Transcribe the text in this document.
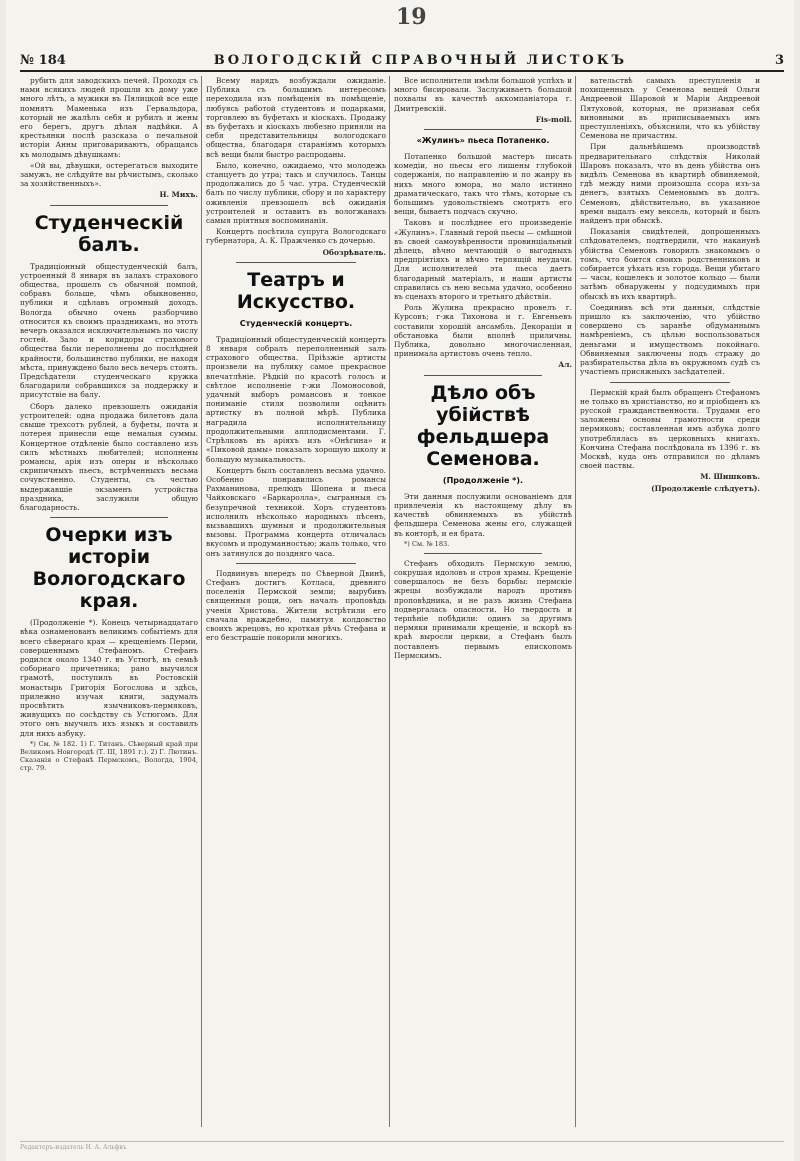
19
№ 184	ВОЛОГОДСКIЙ СПРАВОЧНЫЙ ЛИСТОКЪ	3

рубить для заводскихъ печей. Проходя съ нами всякихъ людей прошли къ дому уже много лѣтъ, а мужики въ Пялицкой все еще помнятъ Маменька изъ Гервальдора, который не жалѣлъ себя и рубилъ и жены его берегъ, другъ дѣлая надѣйки. А крестьянки послѣ разсказа о печальной исторіи Анны приговариваютъ, обращаясь къ молодымъ дѣвушкамъ:

«Ой вы, дѣвушки, остерегаться выходите замужъ, не слѣдуйте вы рѣчистымъ, сколько за хозяйственныхъ».

Н. Михъ.

Студенческiй балъ.

Традиціонный общестуденческій балъ, устроенный 8 января въ залахъ страхового общества, прошелъ съ обычной помпой, собравъ больше, чѣмъ обыкновенно, публики и сдѣлавъ огромный доходъ. Вологда обычно очень разборчиво относится къ своимъ праздникамъ, но этотъ вечеръ оказался исключительнымъ по числу гостей. Зало и коридоры страхового общества были переполнены до послѣдней крайности, большинство публики, не находя мѣста, принуждено было весь вечеръ стоять. Предсѣдатели студенческаго кружка благодарили собравшихся за поддержку и присутствіе на балу.

Сборъ далеко превзошелъ ожиданія устроителей: одна продажа билетовъ дала свыше трехсотъ рублей, а буфеты, почта и лотерея принесли еще немалыя суммы. Концертное отдѣленіе было составлено изъ силъ мѣстныхъ любителей; исполнены романсы, арія изъ оперы и нѣсколько скрипичныхъ пьесъ, встрѣченныхъ весьма сочувственно. Студенты, съ честью выдержавшіе экзаменъ устройства праздника, заслужили общую благодарность.

Очерки изъ исторiи Вологодскаго края.

(Продолженіе *). Конецъ четырнадцатаго вѣка ознаменованъ великимъ событіемъ для всего сѣвернаго края — крещеніемъ Перми, совершеннымъ Стефаномъ. Стефанъ родился около 1340 г. въ Устюгѣ, въ семьѣ соборнаго причетника; рано выучился грамотѣ, поступилъ въ Ростовскій монастырь Григорія Богослова и здѣсь, прилежно изучая книги, задумалъ просвѣтить язычниковъ-пермяковъ, живущихъ по сосѣдству съ Устюгомъ. Для этого онъ выучилъ ихъ языкъ и составилъ для нихъ азбуку.

*) См. № 182. 1) Г. Титанъ. Сѣверный край при Великомъ Новгородѣ (Т. III, 1891 г.). 2) Г. Лютинъ. Сказанія о Стефанѣ Пермскомъ, Вологда, 1904, стр. 79.

Всему нарядъ возбуждали ожиданіе. Публика съ большимъ интересомъ переходила изъ помѣщенія въ помѣщеніе, любуясь работой студентовъ и подарками, торговлею въ буфетахъ и кіоскахъ. Продажу въ буфетахъ и кіоскахъ любезно приняли на себя представительницы вологодскаго общества, благодаря стараніямъ которыхъ всѣ вещи были быстро распроданы.

Было, конечно, ожидаемо, что молодежь станцуетъ до утра; такъ и случилось. Танцы продолжались до 5 час. утра. Студенческій балъ по числу публики, сбору и по характеру оживленія превзошелъ всѣ ожиданія устроителей и оставитъ въ вологжанахъ самыя пріятныя воспоминанія.

Концертъ посѣтила супруга Вологодскаго губернатора, А. К. Пражченко съ дочерью.

Обозрѣватель.

Театръ и Искусство.
Студенческiй концертъ.

Традиціонный общестуденческій концертъ 8 января собралъ переполненный залъ страхового общества. Пріѣзжіе артисты произвели на публику самое прекрасное впечатлѣніе. Рѣдкій по красотѣ голосъ и свѣтлое исполненіе г-жи Ломоносовой, удачный выборъ романсовъ и тонкое пониманіе стиля позволили оцѣнить артистку въ полной мѣрѣ. Публика наградила исполнительницу продолжительными апплодисментами. Г. Стрѣлковъ въ аріяхъ изъ «Онѣгина» и «Пиковой дамы» показалъ хорошую школу и большую музыкальность.

Концертъ былъ составленъ весьма удачно. Особенно понравились романсы Рахманинова, прелюдъ Шопена и пьеса Чайковскаго «Баркаролла», сыгранныя съ безупречной техникой. Хоръ студентовъ исполнилъ нѣсколько народныхъ пѣсенъ, вызвавшихъ шумныя и продолжительныя вызовы. Программа концерта отличалась вкусомъ и продуманностью; жаль только, что онъ затянулся до поздняго часа.

Подвинувъ впередъ по Сѣверной Двинѣ, Стефанъ достигъ Котласа, древняго поселенія Пермской земли; вырубивъ священныя рощи, онъ началъ проповѣдь ученія Христова. Жители встрѣтили его сначала враждебно, памятуя колдовство своихъ жрецовъ, но кроткая рѣчь Стефана и его безстрашіе покорили многихъ.

Все исполнители имѣли большой успѣхъ и много бисировали. Заслуживаетъ большой похвалы въ качествѣ аккомпаніатора г. Дмитревскій.

Fis-moll.

«Жулинъ» пьеса Потапенко.

Потапенко большой мастеръ писать комедіи, но пьесы его лишены глубокой содержанія, по направленію и по жанру въ нихъ много юмора, но мало истинно драматическаго, такъ что тѣмъ, которые съ большимъ удовольствіемъ смотрятъ его вещи, бываетъ подчасъ скучно.

Таковъ и послѣднее его произведеніе «Жулинъ». Главный герой пьесы — смѣшной въ своей самоувѣренности провинціальный дѣлецъ, вѣчно мечтающій о выгодныхъ предпріятіяхъ и вѣчно терпящій неудачи. Для исполнителей эта пьеса даетъ благодарный матеріалъ, и наши артисты справились съ нею весьма удачно, особенно въ сценахъ второго и третьяго дѣйствія.

Роль Жулина прекрасно провелъ г. Курсовъ; г-жа Тихонова и г. Евгеньевъ составили хорошій ансамбль. Декораціи и обстановка были вполнѣ приличны. Публика, довольно многочисленная, принимала артистовъ очень тепло.

Ал.

Дѣло объ убiйствѣ фельдшера Семенова.
(Продолженіе *).

Эти данныя послужили основаніемъ для привлеченія къ настоящему дѣлу въ качествѣ обвиняемыхъ въ убійствѣ фельдшера Семенова жены его, служащей въ конторѣ, и ея брата.

*) См. № 183.

Стефанъ обходилъ Пермскую землю, сокрушая идоловъ и строя храмы. Крещеніе совершалось не безъ борьбы: пермскіе жрецы возбуждали народъ противъ проповѣдника, и не разъ жизнь Стефана подвергалась опасности. Но твердость и терпѣніе побѣдили: одинъ за другимъ пермяки принимали крещеніе, и вскорѣ въ краѣ выросли церкви, а Стефанъ былъ поставленъ первымъ епископомъ Пермскимъ.

вательствѣ самыхъ преступленія и похищенныхъ у Семенова вещей Ольги Андреевой Шаровой и Маріи Андреевой Пятуховой, которыя, не признавая себя виновными въ приписываемыхъ имъ преступленіяхъ, объяснили, что къ убійству Семенова не причастны.

При дальнѣйшемъ производствѣ предварительнаго слѣдствія Николай Шаровъ показалъ, что въ день убійства онъ видѣлъ Семенова въ квартирѣ обвиняемой, гдѣ между ними произошла ссора изъ-за денегъ, взятыхъ Семеновымъ въ долгъ. Семеновъ, дѣйствительно, въ указанное время выдалъ ему вексель, который и былъ найденъ при обыскѣ.

Показанія свидѣтелей, допрошенныхъ слѣдователемъ, подтвердили, что наканунѣ убійства Семеновъ говорилъ знакомымъ о томъ, что боится своихъ родственниковъ и собирается уѣхать изъ города. Вещи убитаго — часы, кошелекъ и золотое кольцо — были затѣмъ обнаружены у подсудимыхъ при обыскѣ въ ихъ квартирѣ.

Соединивъ всѣ эти данныя, слѣдствіе пришло къ заключенію, что убійство совершено съ заранѣе обдуманнымъ намѣреніемъ, съ цѣлью воспользоваться деньгами и имуществомъ покойнаго. Обвиняемыя заключены подъ стражу до разбирательства дѣла въ окружномъ судѣ съ участіемъ присяжныхъ засѣдателей.

Пермскій край былъ обращенъ Стефаномъ не только въ христіанство, но и пріобщенъ къ русской гражданственности. Трудами его заложены основы грамотности среди пермяковъ; составленная имъ азбука долго употреблялась въ церковныхъ книгахъ. Кончина Стефана послѣдовала въ 1396 г. въ Москвѣ, куда онъ отправился по дѣламъ своей паствы.

М. Шишковъ.

(Продолженіе слѣдуетъ).

Редакторъ-издатель Н. А. Альфвъ
